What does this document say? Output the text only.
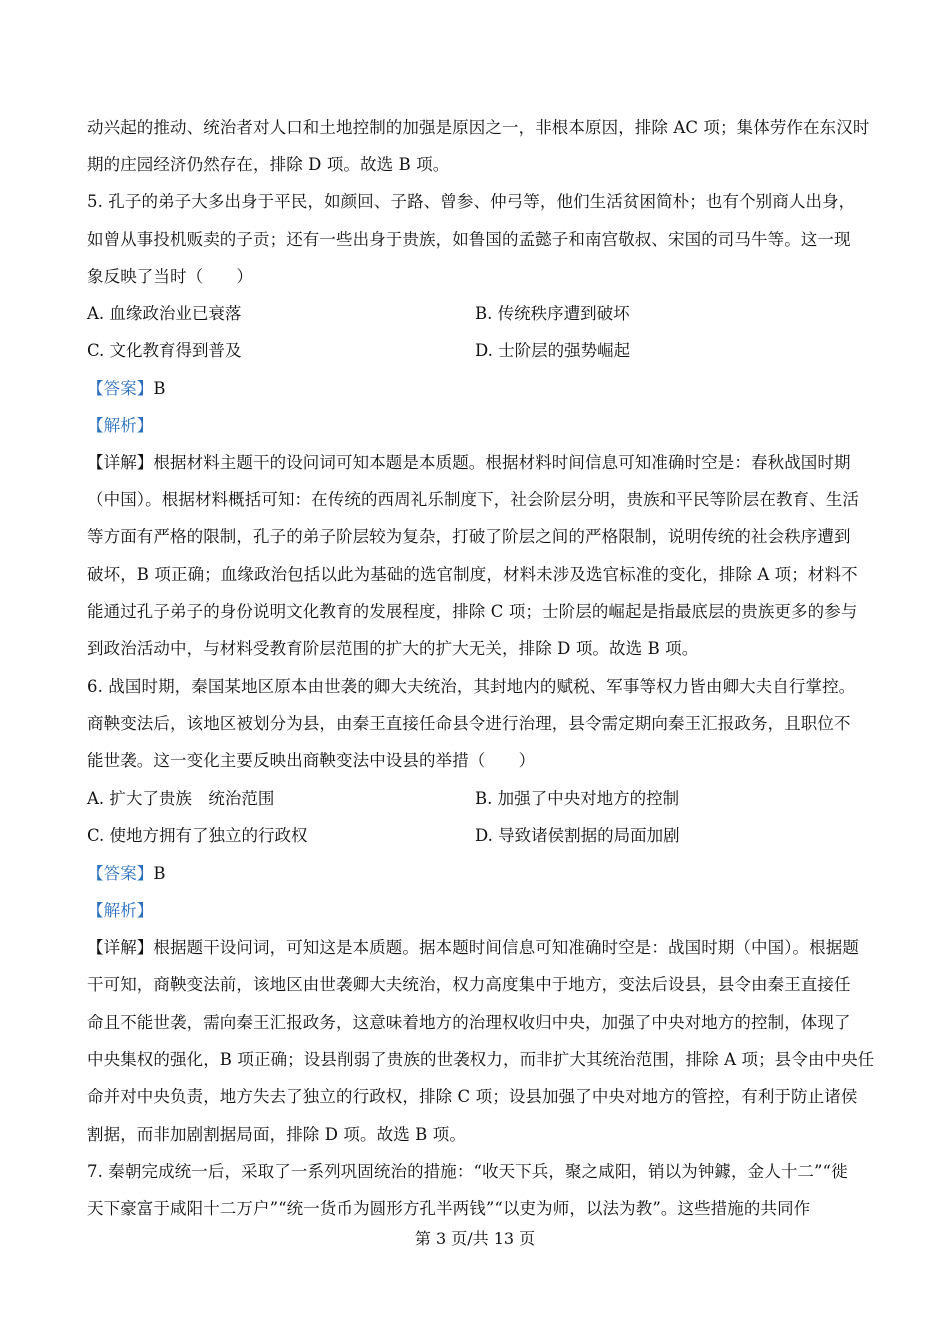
动兴起的推动、统治者对人口和土地控制的加强是原因之一，非根本原因，排除 AC 项；集体劳作在东汉时
期的庄园经济仍然存在，排除 D 项。故选 B 项。
5. 孔子的弟子大多出身于平民，如颜回、子路、曾参、仲弓等，他们生活贫困简朴；也有个别商人出身，
如曾从事投机贩卖的子贡；还有一些出身于贵族，如鲁国的孟懿子和南宫敬叔、宋国的司马牛等。这一现
象反映了当时（　　）
A. 血缘政治业已衰落	B. 传统秩序遭到破坏
C. 文化教育得到普及	D. 士阶层的强势崛起
【答案】B
【解析】
【详解】根据材料主题干的设问词可知本题是本质题。根据材料时间信息可知准确时空是：春秋战国时期
（中国）。根据材料概括可知：在传统的西周礼乐制度下，社会阶层分明，贵族和平民等阶层在教育、生活
等方面有严格的限制，孔子的弟子阶层较为复杂，打破了阶层之间的严格限制，说明传统的社会秩序遭到
破坏，B 项正确；血缘政治包括以此为基础的选官制度，材料未涉及选官标准的变化，排除 A 项；材料不
能通过孔子弟子的身份说明文化教育的发展程度，排除 C 项；士阶层的崛起是指最底层的贵族更多的参与
到政治活动中，与材料受教育阶层范围的扩大的扩大无关，排除 D 项。故选 B 项。
6. 战国时期，秦国某地区原本由世袭的卿大夫统治，其封地内的赋税、军事等权力皆由卿大夫自行掌控。
商鞅变法后，该地区被划分为县，由秦王直接任命县令进行治理，县令需定期向秦王汇报政务，且职位不
能世袭。这一变化主要反映出商鞅变法中设县的举措（　　）
A. 扩大了贵族　统治范围	B. 加强了中央对地方的控制
C. 使地方拥有了独立的行政权	D. 导致诸侯割据的局面加剧
【答案】B
【解析】
【详解】根据题干设问词，可知这是本质题。据本题时间信息可知准确时空是：战国时期（中国）。根据题
干可知，商鞅变法前，该地区由世袭卿大夫统治，权力高度集中于地方，变法后设县，县令由秦王直接任
命且不能世袭，需向秦王汇报政务，这意味着地方的治理权收归中央，加强了中央对地方的控制，体现了
中央集权的强化，B 项正确；设县削弱了贵族的世袭权力，而非扩大其统治范围，排除 A 项；县令由中央任
命并对中央负责，地方失去了独立的行政权，排除 C 项；设县加强了中央对地方的管控，有利于防止诸侯
割据，而非加剧割据局面，排除 D 项。故选 B 项。
7. 秦朝完成统一后，采取了一系列巩固统治的措施：“收天下兵，聚之咸阳，销以为钟鐻，金人十二”“徙
天下豪富于咸阳十二万户”“统一货币为圆形方孔半两钱”“以吏为师，以法为教”。这些措施的共同作
第 3 页/共 13 页
